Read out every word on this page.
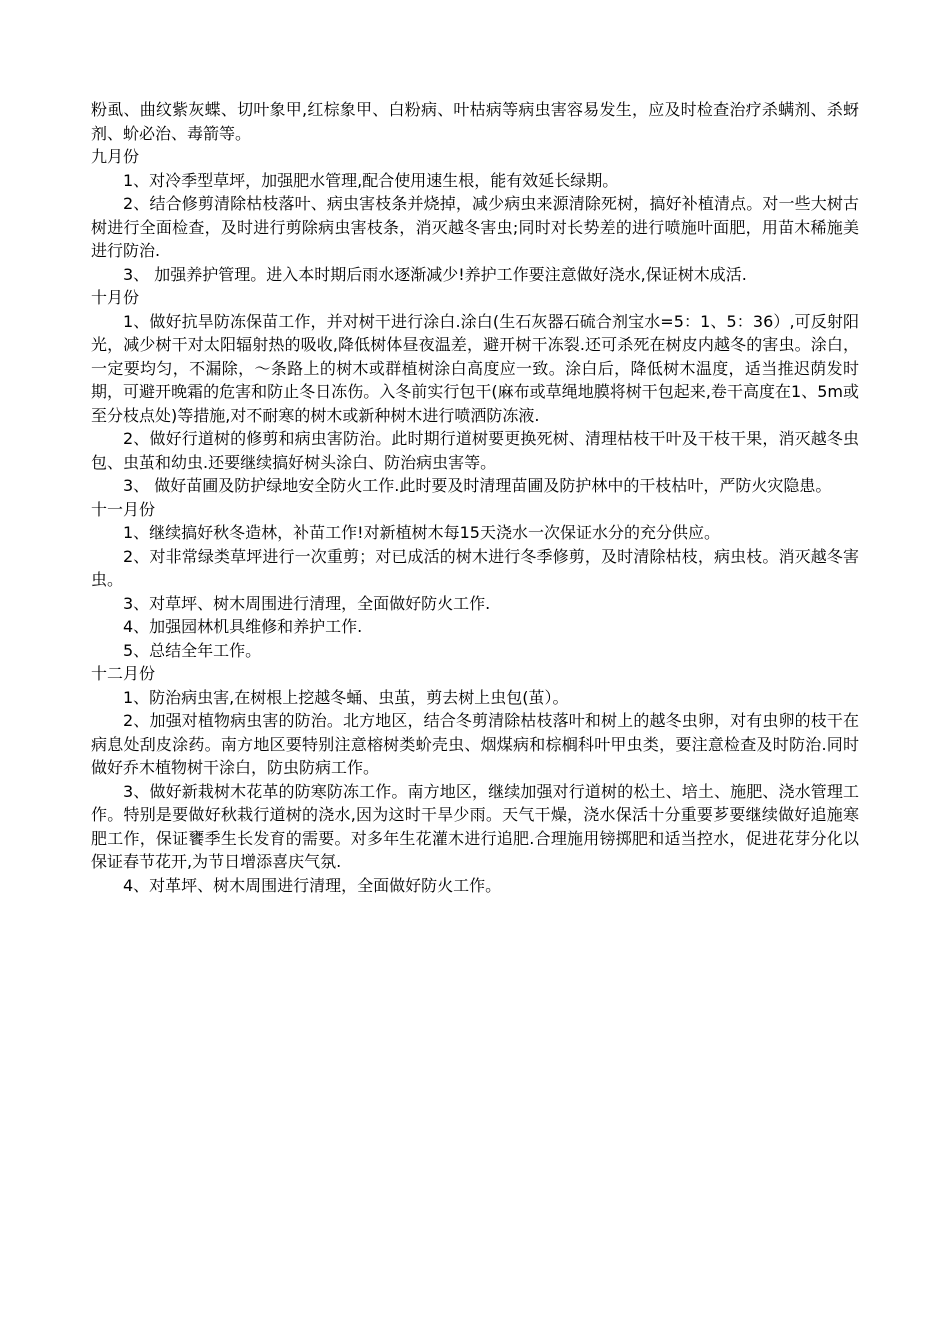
粉虱、曲纹紫灰蝶、切叶象甲,红棕象甲、白粉病、叶枯病等病虫害容易发生，应及时检查治疗杀螨剂、杀蚜剂、蚧必治、毒箭等。

九月份

1、对冷季型草坪，加强肥水管理,配合使用速生根，能有效延长绿期。

2、结合修剪清除枯枝落叶、病虫害枝条并烧掉，减少病虫来源清除死树，搞好补植清点。对一些大树古树进行全面检查，及时进行剪除病虫害枝条，消灭越冬害虫;同时对长势差的进行喷施叶面肥，用苗木稀施美进行防治.

3、 加强养护管理。进入本时期后雨水逐渐减少!养护工作要注意做好浇水,保证树木成活.

十月份

1、做好抗旱防冻保苗工作，并对树干进行涂白.涂白(生石灰器石硫合剂宝水=5：1、5：36）,可反射阳光，减少树干对太阳辐射热的吸收,降低树体昼夜温差，避开树干冻裂.还可杀死在树皮内越冬的害虫。涂白，一定要均匀，不漏除，～条路上的树木或群植树涂白高度应一致。涂白后，降低树木温度，适当推迟荫发时期，可避开晚霜的危害和防止冬日冻伤。入冬前实行包干(麻布或草绳地膜将树干包起来,卷干高度在1、5m或至分枝点处)等措施,对不耐寒的树木或新种树木进行喷洒防冻液.

2、做好行道树的修剪和病虫害防治。此时期行道树要更换死树、清理枯枝干叶及干枝干果，消灭越冬虫包、虫茧和幼虫.还要继续搞好树头涂白、防治病虫害等。

3、 做好苗圃及防护绿地安全防火工作.此时要及时清理苗圃及防护林中的干枝枯叶，严防火灾隐患。

十一月份

1、继续搞好秋冬造林，补苗工作!对新植树木每15天浇水一次保证水分的充分供应。

2、对非常绿类草坪进行一次重剪；对已成活的树木进行冬季修剪，及时清除枯枝，病虫枝。消灭越冬害虫。

3、对草坪、树木周围进行清理，全面做好防火工作.

4、加强园林机具维修和养护工作.

5、总结全年工作。

十二月份

1、防治病虫害,在树根上挖越冬蛹、虫茧，剪去树上虫包(茧）。

2、加强对植物病虫害的防治。北方地区，结合冬剪清除枯枝落叶和树上的越冬虫卵，对有虫卵的枝干在病息处刮皮涂药。南方地区要特别注意榕树类蚧壳虫、烟煤病和棕榈科叶甲虫类，要注意检查及时防治.同时做好乔木植物树干涂白，防虫防病工作。

3、做好新栽树木花革的防寒防冻工作。南方地区，继续加强对行道树的松土、培土、施肥、浇水管理工作。特别是要做好秋栽行道树的浇水,因为这时干旱少雨。天气干燥，浇水保活十分重要芗要继续做好追施寒肥工作，保证饔季生长发育的需要。对多年生花灌木进行追肥.合理施用镑掷肥和适当控水，促进花芽分化以保证春节花开,为节日增添喜庆气氛.

4、对革坪、树木周围进行清理，全面做好防火工作。
